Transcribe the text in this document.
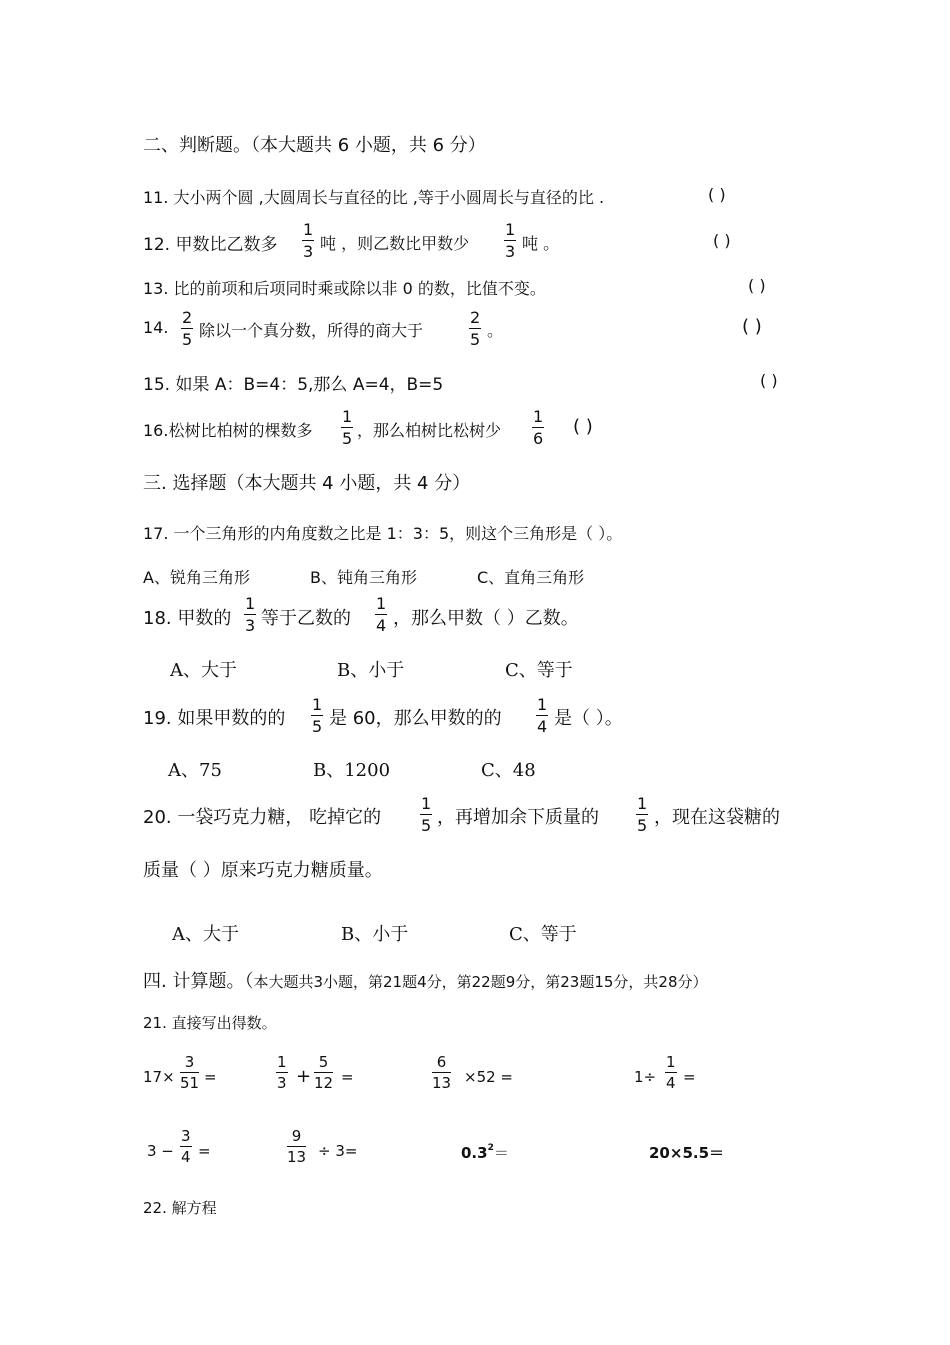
二、判断题。（本大题共 6 小题，共 6 分）
11. 大小两个圆 ,大圆周长与直径的比 ,等于小圆周长与直径的比 .	( )
12. 甲数比乙数多
1
3 吨 ，则乙数比甲数少
1
3 吨 。	( )
13. 比的前项和后项同时乘或除以非 0 的数，比值不变。	( )
14.
2
5 除以一个真分数，所得的商大于
2
5 。	( )
15. 如果 A：B=4：5,那么 A=4，B=5	( )
16.松树比柏树的棵数多
1
5 ，那么柏树比松树少
1
6
( )
三. 选择题（本大题共 4 小题，共 4 分）
17. 一个三角形的内角度数之比是 1：3：5，则这个三角形是（ ）。
A、锐角三角形	B、钝角三角形	C、直角三角形
18. 甲数的
1
3 等于乙数的
1
4 ，那么甲数（ ）乙数。
A、大于	B、小于	C、等于
19. 如果甲数的的
1
5 是 60，那么甲数的的
1
4 是（ ）。
A、75	B、1200	C、48
20. 一袋巧克力糖， 吃掉它的
1
5 ，再增加余下质量的
1
5 ，现在这袋糖的
质量（ ）原来巧克力糖质量。
A、大于	B、小于	C、等于
四. 计算题。（本大题共3小题，第21题4分，第22题9分，第23题15分，共28分）
21. 直接写出得数。
17×
3
51 =
1
3 +
5
12 =
6
13 ×52 =	1÷
1
4 =
3 −
3
4 =
9
13 ÷ 3=	$0.3^2=$	20×5.5＝
22. 解方程
